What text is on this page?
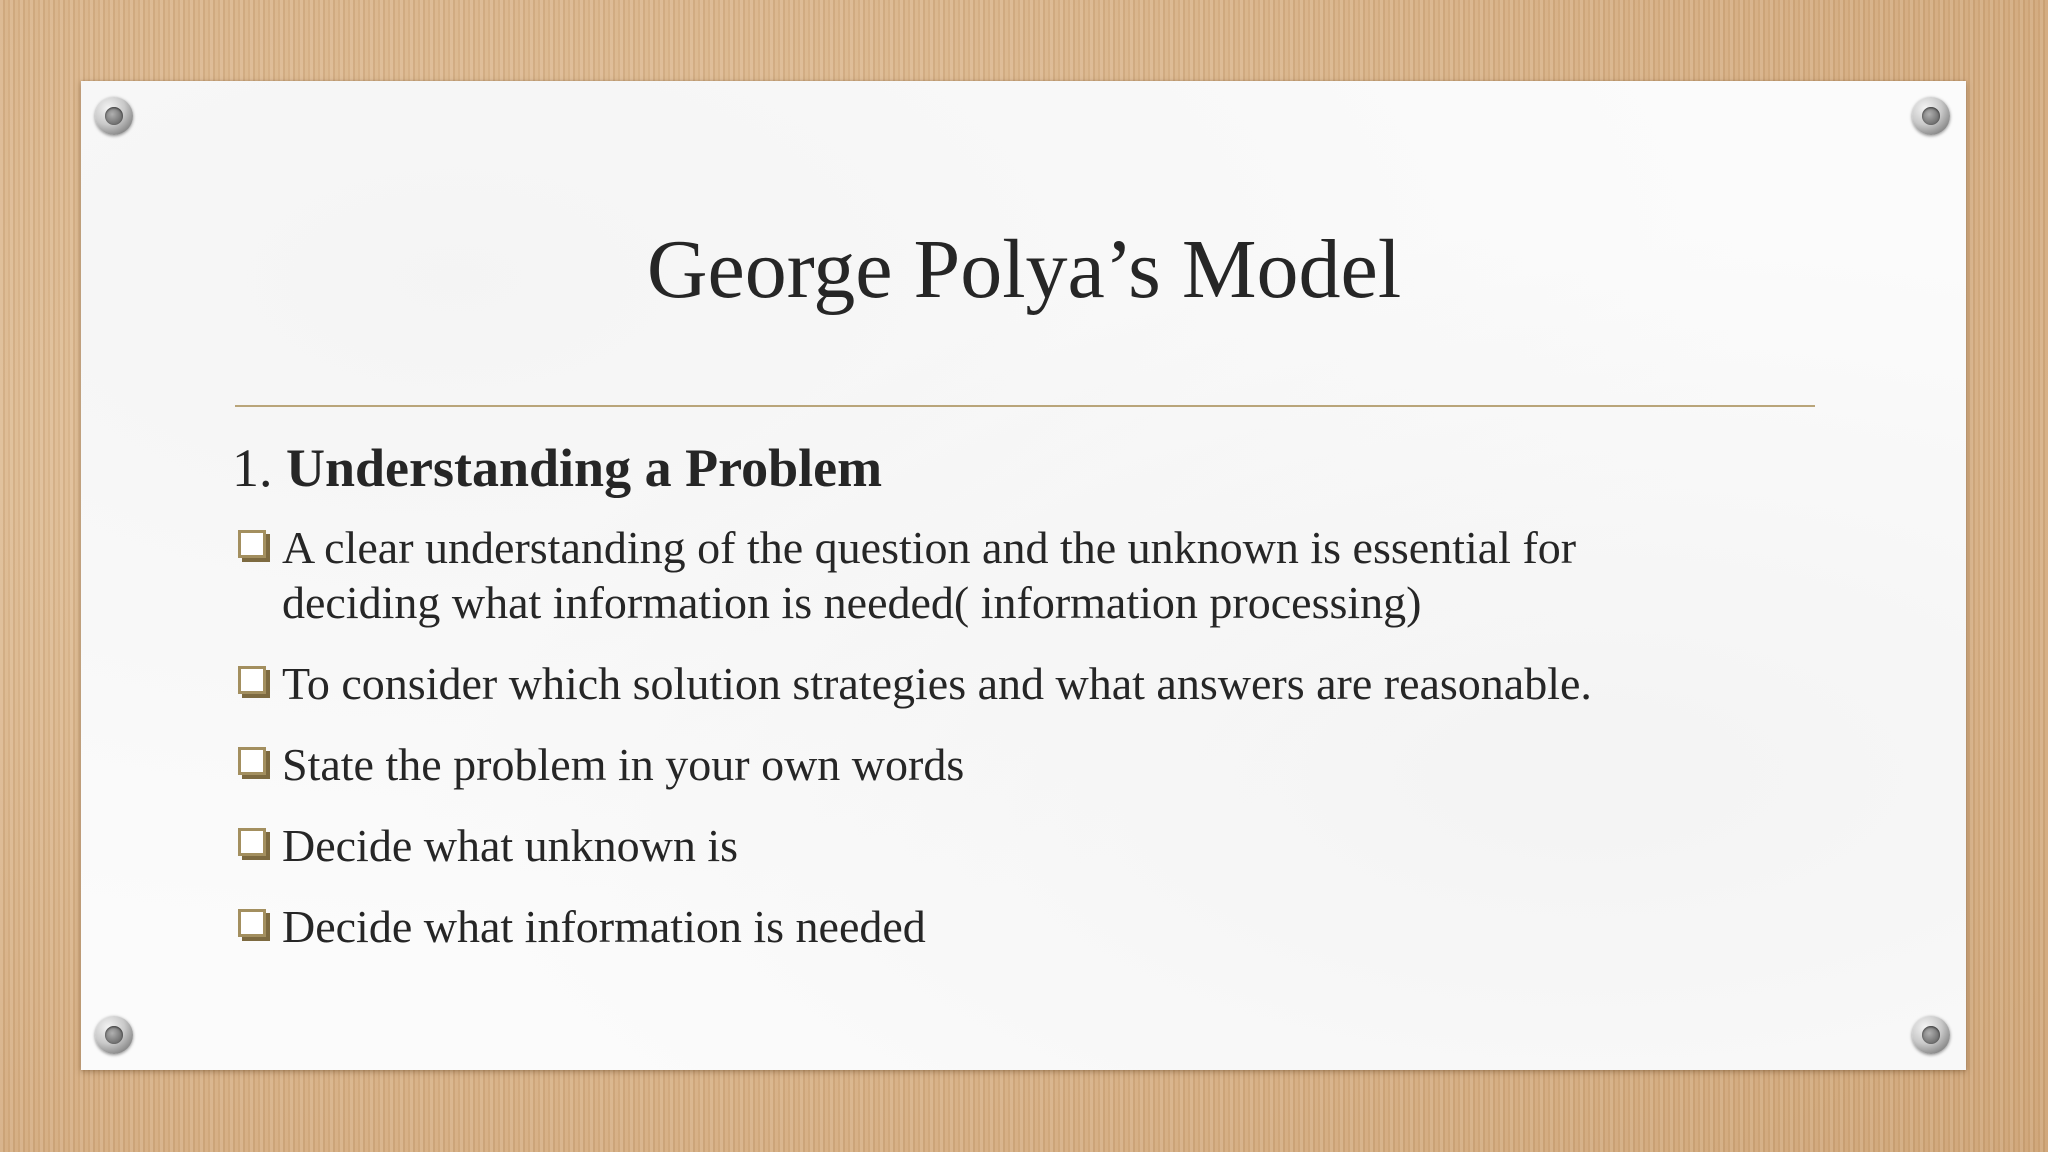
George Polya’s Model
1. Understanding a Problem
A clear understanding of the question and the unknown is essential for
deciding what information is needed( information processing)
To consider which solution strategies and what answers are reasonable.
State the problem in your own words
Decide what unknown is
Decide what information is needed
